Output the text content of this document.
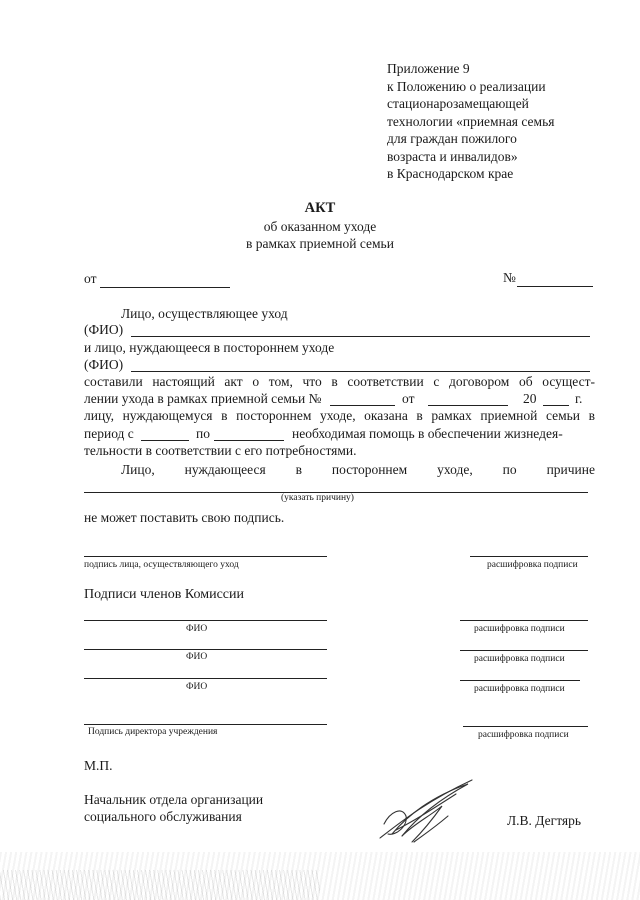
Приложение 9
к Положению о реализации
стационарозамещающей
технологии «приемная семья
для граждан пожилого
возраста и инвалидов»
в Краснодарском крае
АКТ
об оказанном уходе
в рамках приемной семьи
от	№
Лицо, осуществляющее уход
(ФИО)
и лицо, нуждающееся в постороннем уходе
(ФИО)
составили настоящий акт о том, что в соответствии с договором об осущест-
лении ухода в рамках приемной семьи №	от	20	г.
лицу, нуждающемуся в постороннем уходе, оказана в рамках приемной семьи в
период с	по	необходимая помощь в обеспечении жизнедея-
тельности в соответствии с его потребностями.
Лицо, нуждающееся в постороннем уходе, по причине
(указать причину)
не может поставить свою подпись.
подпись лица, осуществляющего уход	расшифровка подписи
Подписи членов Комиссии
ФИО	расшифровка подписи
ФИО	расшифровка подписи
ФИО	расшифровка подписи
Подпись директора учреждения	расшифровка подписи
М.П.
Начальник отдела организации
социального обслуживания	Л.В. Дегтярь
